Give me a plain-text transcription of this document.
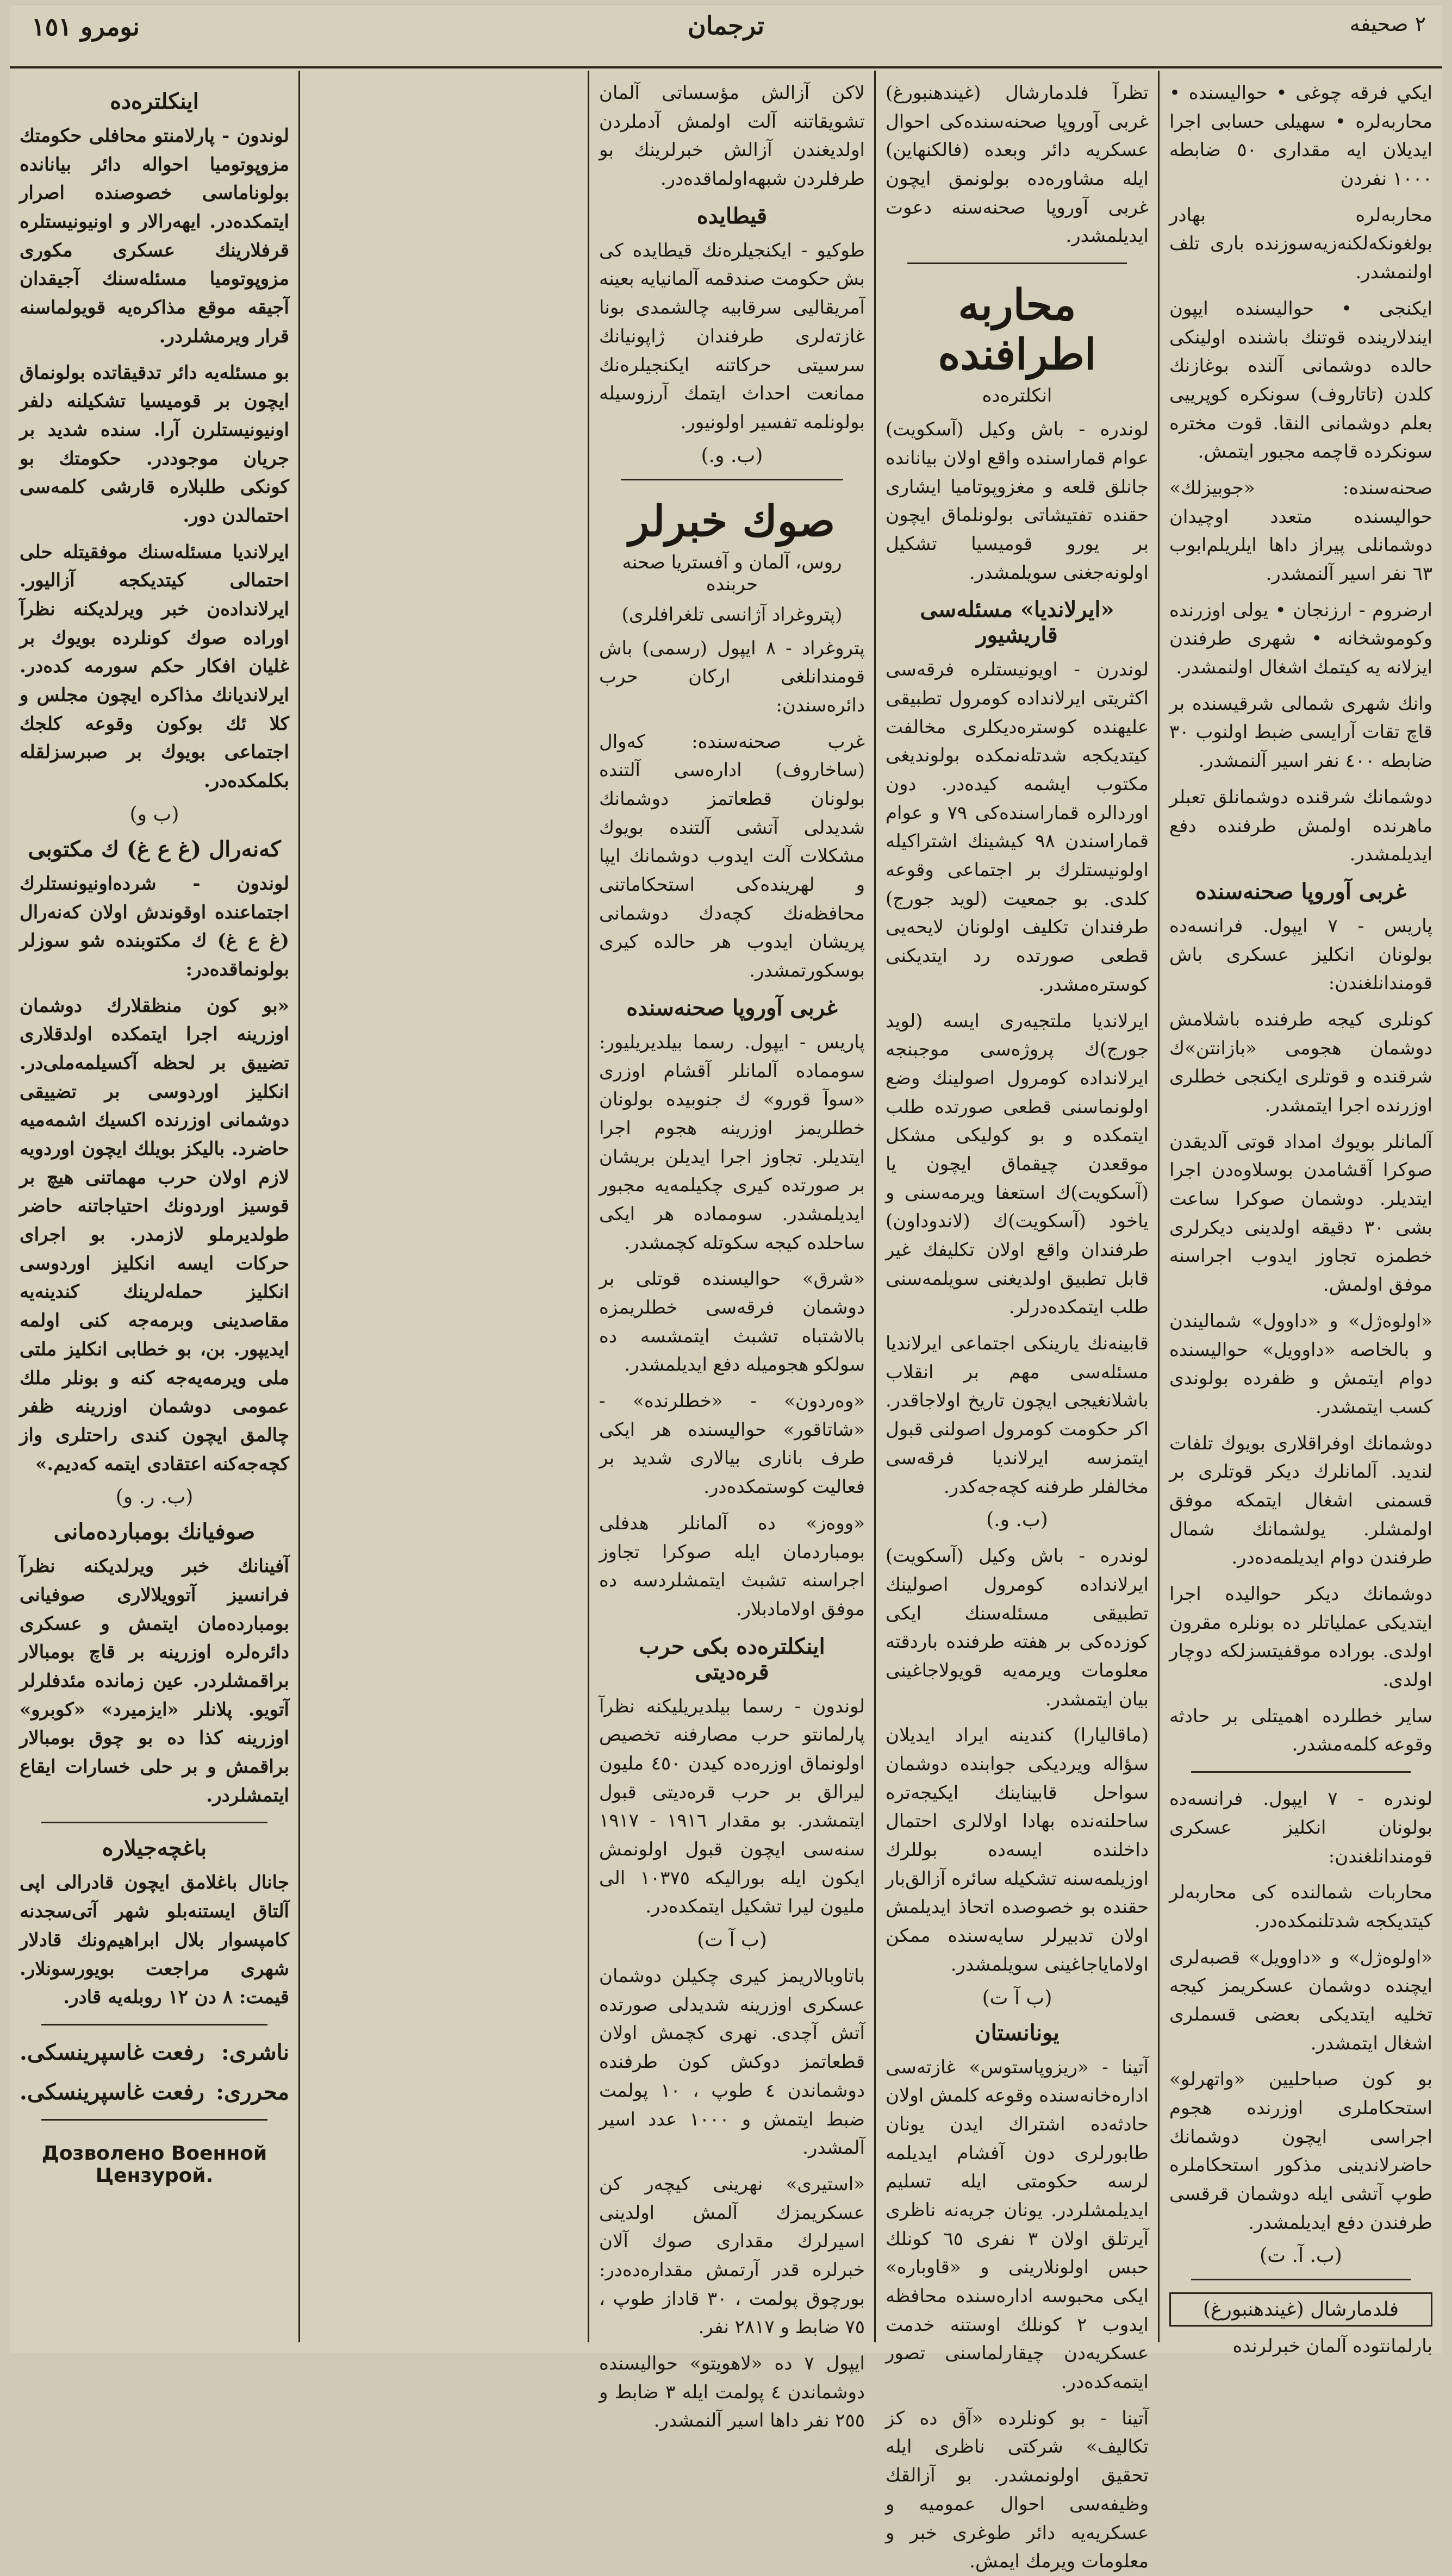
٢ صحيفه
ترجمان
نومرو ١٥١

ايكي فرقه چوغى • حواليسنده • محاربه‌لره • سهيلى حسابى اجرا ايديلان ايه مقدارى ٥٠ ضابطه ١٠٠٠ نفردن

محاربه‌لره بهادر بولغونكه‌لكنه‌زيه‌سوزنده بارى تلف اولنمشدر.

ايكنجى • حواليسنده ايپون ايندلارينده قوتنك باشنده اولينكى حالده دوشمانى آلنده بوغازنك كلدن (تاتاروف) سونكره كوپرييى بعلم دوشمانى النقا. قوت مختره سونكرده قاچمه مجبور ايتمش.

صحنه‌سنده: «جوبيزلك» حواليسنده متعدد اوچيدان دوشمانلى پيراز داها ايلريلم‌ابوب ٦٣ نفر اسير آلنمشدر.

ارضروم - ارزنجان • يولى اوزرنده وكوموشخانه • شهرى طرفندن ايزلانه يه كيتمك اشغال اولنمشدر.

وانك شهرى شمالى شرقيسنده بر قاچ تقات آرايسى ضبط اولنوب ٣٠ ضابطه ٤٠٠ نفر اسير آلنمشدر.

دوشمانك شرقنده دوشمانلق تعبلر ماهرنده اولمش طرفنده دفع ايديلمشدر.

غربى آوروپا صحنه‌سنده

پاريس - ٧ ايپول. فرانسه‌ده بولونان انكليز عسكرى باش قومندانلغندن:

كونلرى كيجه طرفنده باشلامش دوشمان هجومى «بازانتن»ك شرقنده و قوتلرى ايكنجى خطلرى اوزرنده اجرا ايتمشدر.

آلمانلر بويوك امداد قوتى آلديقدن صوكرا آقشامدن بوسلاوه‌دن اجرا ايتديلر. دوشمان صوكرا ساعت بشى ٣٠ دقيقه اولدينى ديكرلرى خطمزه تجاوز ايدوب اجراسنه موفق اولمش.

«اولوه‌ژل» و «داوول» شماليندن و بالخاصه «داوويل» حواليسنده دوام ايتمش و ظفرده بولوندى كسب ايتمشدر.

دوشمانك اوفراقلارى بويوك تلفات لنديد. آلمانلرك ديكر قوتلرى بر قسمنى اشغال ايتمكه موفق اولمشلر. يولشمانك شمال طرفندن دوام ايديلمه‌ده‌در.

دوشمانك ديكر حواليده اجرا ايتديكى عملياتلر ده بونلره مقرون اولدى. بوراده موقفيتسزلكه دوچار اولدى.

ساير خطلرده اهميتلى بر حادثه وقوعه كلمه‌مشدر.

لوندره - ٧ ايپول. فرانسه‌ده بولونان انكليز عسكرى قومندانلغندن:

محاربات شمالنده كى محاربه‌لر كيتديكجه شدتلنمكده‌در.

«اولوه‌ژل» و «داوويل» قصبه‌لرى ايچنده دوشمان عسكريمز كيجه تخليه ايتديكى بعضى قسملرى اشغال ايتمشدر.

بو كون صباحليين «واتهرلو» استحكاملرى اوزرنده هجوم اجراسى ايچون دوشمانك حاضرلاندينى مذكور استحكاملره طوپ آتشى ايله دوشمان قرقسى طرفندن دفع ايديلمشدر.

(ب. آ. ت)
فلدمارشال (غيندهنبورغ)

بارلمانتوده آلمان خبرلرنده

تظرآ فلدمارشال (غيندهنبورغ) غربى آوروپا صحنه‌سنده‌كى احوال عسكريه دائر وبعده (فالكنهاين) ايله مشاوره‌ده بولونمق ايچون غربى آوروپا صحنه‌سنه دعوت ايديلمشدر.

محاربه اطرافنده
انكلتره‌ده

لوندره - باش وكيل (آسكويت) عوام قماراسنده واقع اولان بيانانده جانلق قلعه و مغزوپوتاميا ايشارى حقنده تفتيشاتى بولونلماق ايچون بر يورو قوميسيا تشكيل اولونه‌جغنى سويلمشدر.

«ايرلانديا» مسئله‌سى قاريشيور

لوندرن - اويونيستلره فرقه‌سى اكثريتى ايرلانداده كومرول تطبيقى عليهنده كوستره‌ديكلرى مخالفت كيتديكجه شدتله‌نمكده بولونديغى مكتوب ايشمه كيده‌در. دون اوردالره قماراسنده‌كى ٧٩ و عوام قماراسندن ٩٨ كيشينك اشتراكيله اولونيستلرك بر اجتماعى وقوعه كلدى. بو جمعيت (لويد جورج) طرفندان تكليف اولونان لايحه‌يى قطعى صورتده رد ايتديكنى كوستره‌مشدر.

ايرلانديا ملتجيه‌رى ايسه (لويد جورج)ك پروژه‌سى موجبنجه ايرلانداده كومرول اصولينك وضع اولونماسنى قطعى صورتده طلب ايتمكده و بو كوليكى مشكل موقعدن چيقماق ايچون يا (آسكويت)ك استعفا ويرمه‌سنى و ياخود (آسكويت)ك (لاندوداون) طرفندان واقع اولان تكليفك غير قابل تطبيق اولديغنى سويلمه‌سنى طلب ايتمكده‌درلر.

قابينه‌نك يارينكى اجتماعى ايرلانديا مسئله‌سى مهم بر انقلاب باشلانغيجى ايچون تاريخ اولاجاقدر. اكر حكومت كومرول اصولنى قبول ايتمزسه ايرلانديا فرقه‌سى مخالفلر طرفنه كچه‌جه‌كدر.

(ب. و.)

لوندره - باش وكيل (آسكويت) ايرلانداده كومرول اصولينك تطبيقى مسئله‌سنك ايكى كوزده‌كى بر هفته طرفنده باردقته معلومات ويرمه‌يه قويولاجاغينى بيان ايتمشدر.

(ماقاليارا) كندينه ايراد ايديلان سؤاله ويرديكى جوابنده دوشمان سواحل قابيناينك ايكيجه‌تره ساحلنه‌نده بهادا اولالرى احتمال داخلنده ايسه‌ده بوللرك اوزيلمه‌سنه تشكيله سائره آزالق‌بار حقنده بو خصوصده اتحاذ ايديلمش اولان تدبيرلر سايه‌سنده ممكن اولاماياجاغينى سويلمشدر.

(ب آ ت)
يونانستان

آتينا - «ريزوپاستوس» غازته‌سى اداره‌خانه‌سنده وقوعه كلمش اولان حادثه‌ده اشتراك ايدن يونان طابورلرى دون آفشام ايديلمه لرسه حكومتى ايله تسليم ايديلمشلردر. يونان جريه‌نه ناظرى آيرتلق اولان ٣ نفرى ٦٥ كونلك حبس اولونلارينى و «قاوباره» ايكى محبوسه اداره‌سنده محافظه ايدوب ٢ كونلك اوستنه خدمت عسكريه‌دن چيقارلماسنى تصور ايتمه‌كده‌در.

آتينا - بو كونلرده «آق ده كز تكاليف» شركتى ناظرى ايله تحقيق اولونمشدر. بو آزالقك وظيفه‌سى احوال عمومیه و عسكريه‌يه دائر طوغرى خبر و معلومات ويرمك ايمش.

لاكن آزالش مؤسساتى آلمان تشويقاتنه آلت اولمش آدملردن اولديغندن آزالش خبرلرينك بو طرفلردن شبهه‌اولماقده‌در.

قيطايده

طوكيو - ايكنجيلره‌نك قيطايده كى بش حكومت صندقمه آلمانيايه بعينه آمريقاليى سرقابيه چالشمدى بونا غازته‌لرى طرفندان ژاپونيانك سرسيتى حركاتنه ايكنجيلره‌نك ممانعت احداث ايتمك آرزوسيله بولونلمه تفسير اولونيور.

(ب. و.)
صوك خبرلر
روس، آلمان و آفستريا صحنه حربنده
(پتروغراد آژانسى تلغرافلرى)

پتروغراد - ٨ ايپول (رسمى) باش قومندانلغى اركان حرب دائره‌سندن:

غرب صحنه‌سنده: كه‌وال (ساخاروف) اداره‌سى آلتنده بولونان قطعاتمز دوشمانك شديدلى آتشى آلتنده بويوك مشكلات آلت ايدوب دوشمانك ايپا و لهرينده‌كى استحكاماتنى محافظه‌نك كچه‌دك دوشمانى پريشان ايدوب هر حالده كيرى بوسكورتمشدر.

غربى آوروپا صحنه‌سنده

پاريس - ايپول. رسما بيلديريليور: سومماده آلمانلر آقشام اوزرى «سوآ قورو» ك جنوبيده بولونان خطلريمز اوزرينه هجوم اجرا ايتديلر. تجاوز اجرا ايديلن بريشان بر صورتده كيرى چكيلمه‌يه مجبور ايديلمشدر. سومماده هر ايكى ساحلده كيجه سكوتله كچمشدر.

«شرق» حواليسنده قوتلى بر دوشمان فرقه‌سى خطلريمزه بالاشتباه تشبث ايتمشسه ده سولكو هجوميله دفع ايديلمشدر.

«وه‌ردون» - «خطلرنده» - «شاتاقور» حواليسنده هر ايكى طرف بانارى بيالارى شديد بر فعاليت كوستمكده‌در.

«ووه‌ز» ده آلمانلر هدفلى بومباردمان ايله صوكرا تجاوز اجراسنه تشبث ايتمشلردسه ده موفق اولامادبلار.

اينكلتره‌ده بكى حرب قره‌ديتى

لوندون - رسما بيلديريليكنه نظرآ پارلمانتو حرب مصارفنه تخصيص اولونماق اوزره‌ده كيدن ٤٥٠ مليون ليرالق بر حرب قره‌ديتى قبول ايتمشدر. بو مقدار ١٩١٦ - ١٩١٧ سنه‌سى ايچون قبول اولونمش ايكون ايله بوراليكه ١٠٣٧٥ الى مليون ليرا تشكيل ايتمكده‌در.

(ب آ ت)

باتاوبالاريمز كيرى چكيلن دوشمان عسكرى اوزرينه شديدلى صورتده آتش آچدى. نهرى كچمش اولان قطعاتمز دوكش كون طرفنده دوشماندن ٤ طوپ ، ١٠ پولمت ضبط ايتمش و ١٠٠٠ عدد اسير آلمشدر.

«استيرى» نهرينى كيچه‌ر كن عسكريمزك آلمش اولدينى اسيرلرك مقدارى صوك آلان خبرلره قدر آرتمش مقداره‌ده‌در: بورچوق پولمت ، ٣٠ قاداز طوپ ، ٧٥ ضابط و ٢٨١٧ نفر.

ايپول ٧ ده «لاهويتو» حواليسنده دوشماندن ٤ پولمت ايله ٣ ضابط و ٢٥٥ نفر داها اسير آلنمشدر.

اينكلتره‌ده

لوندون - پارلامنتو محافلى حكومتك مزوپوتوميا احواله دائر بيانانده بولوناماسى خصوصنده اصرار ايتمكده‌در. ايهه‌رالار و اونيونيستلره قرفلارينك عسكرى مكورى مزوپوتوميا مسئله‌سنك آجيقدان آجيقه موقع مذاكره‌يه قويولماسنه قرار ويرمشلردر.

بو مسئله‌يه دائر تدقيقاتده بولونماق ايچون بر قوميسيا تشكيلنه دلفر اونيونيستلرن آرا. سنده شديد بر جريان موجوددر. حكومتك بو كونكى طلبلاره قارشى كلمه‌سى احتمالدن دور.

ايرلانديا مسئله‌سنك موفقيتله حلى احتمالى كيتديكجه آزاليور. ايرلانداده‌ن خبر ويرلديكنه نظرآ اوراده صوك كونلرده بويوك بر غليان افكار حكم سورمه كده‌در. ايرلانديانك مذاكره ايچون مجلس و كلا ئك بوكون وقوعه كلجك اجتماعى بويوك بر صبرسزلقله بكلمكده‌در.

(ب و)
كه‌نه‌رال (غ ع غ) ك مكتوبى

لوندون - شرده‌اونيونستلرك اجتماعنده اوقوندش اولان كه‌نه‌رال (غ ع غ) ك مكتوبنده شو سوزلر بولونماقده‌در:

«بو كون منظقلارك دوشمان اوزرينه اجرا ايتمكده اولدقلارى تضييق بر لحظه آكسيلمه‌ملى‌در. انكليز اوردوسى بر تضييقى دوشمانى اوزرنده اكسيك اشمه‌ميه حاضرد. باليكز بويلك ايچون اوردويه لازم اولان حرب مهماتنى هيچ بر قوسيز اوردونك احتياجاتنه حاضر طولديرملو لازمدر. بو اجراى حركات ايسه انكليز اوردوسى انكليز حمله‌لرينك كندينه‌يه مقاصدينى وبرمه‌جه كنى اولمه ايديپور. بن، بو خطابى انكليز ملتى ملى ويرمه‌يه‌جه كنه و بونلر ملك عمومى دوشمان اوزرينه ظفر چالمق ايچون كندى راحتلرى واز كچه‌جه‌كنه اعتقادى ايتمه كه‌ديم.»

(ب. ر. و)
صوفيانك بومبارده‌مانى

آفينانك خبر ويرلديكنه نظرآ فرانسيز آتوويلالارى صوفيانى بومبارده‌مان ايتمش و عسكرى دائره‌لره اوزرينه بر قاچ بومبالار براقمشلردر. عين زمانده مئدفلرلر آتويو. پلانلر «ايزميرد» «كوبرو» اوزرينه كذا ده بو چوق بومبالار براقمش و بر حلى خسارات ايقاع ايتمشلردر.

باغچه‌جيلاره

جانال باغلامق ايچون قادرالى اپى آلتاق ايستنه‌بلو شهر آتى‌سجدنه كامپسوار بلال ابراهيم‌ونك قادلار شهرى مراجعت بويورسونلار. قيمت: ٨ دن ١٢ روبله‌يه قادر.

ناشرى:
رفعت غاسپرينسكى.
محررى:
رفعت غاسپرينسكى.
Дозволено Военной Цензурой.
